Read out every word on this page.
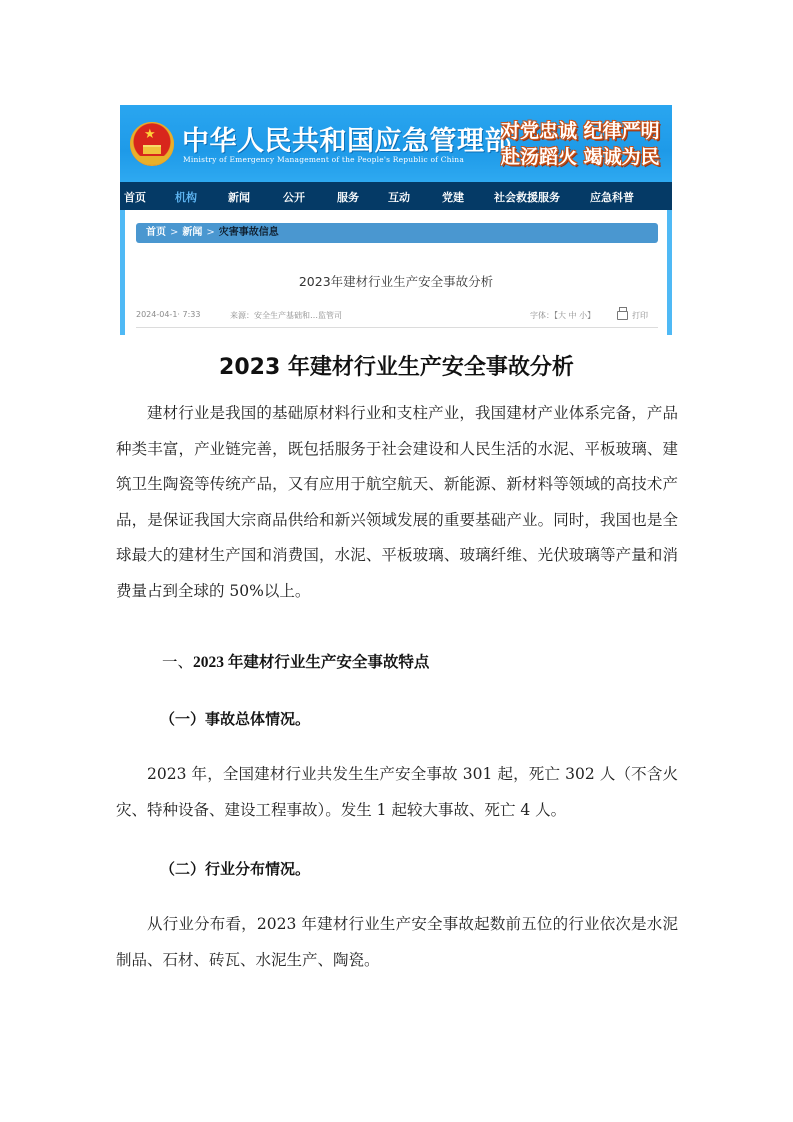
★ 中华人民共和国应急管理部
Ministry of Emergency Management of the People's Republic of China
对党忠诚 纪律严明
赴汤蹈火 竭诚为民
首页	机构	新闻	公开	服务	互动	党建	社会救援服务	应急科普
首页 > 新闻 > 灾害事故信息
2023年建材行业生产安全事故分析
2024-04-1· 7:33	来源：安全生产基础和…监管司	字体：【大 中 小】	打印
2023 年建材行业生产安全事故分析

建材行业是我国的基础原材料行业和支柱产业，我国建材产业体系完备，产品种类丰富，产业链完善，既包括服务于社会建设和人民生活的水泥、平板玻璃、建筑卫生陶瓷等传统产品，又有应用于航空航天、新能源、新材料等领域的高技术产品，是保证我国大宗商品供给和新兴领域发展的重要基础产业。同时，我国也是全球最大的建材生产国和消费国，水泥、平板玻璃、玻璃纤维、光伏玻璃等产量和消费量占到全球的 50%以上。

一、2023 年建材行业生产安全事故特点
（一）事故总体情况。

2023 年，全国建材行业共发生生产安全事故 301 起，死亡 302 人（不含火灾、特种设备、建设工程事故）。发生 1 起较大事故、死亡 4 人。

（二）行业分布情况。

从行业分布看，2023 年建材行业生产安全事故起数前五位的行业依次是水泥制品、石材、砖瓦、水泥生产、陶瓷。
